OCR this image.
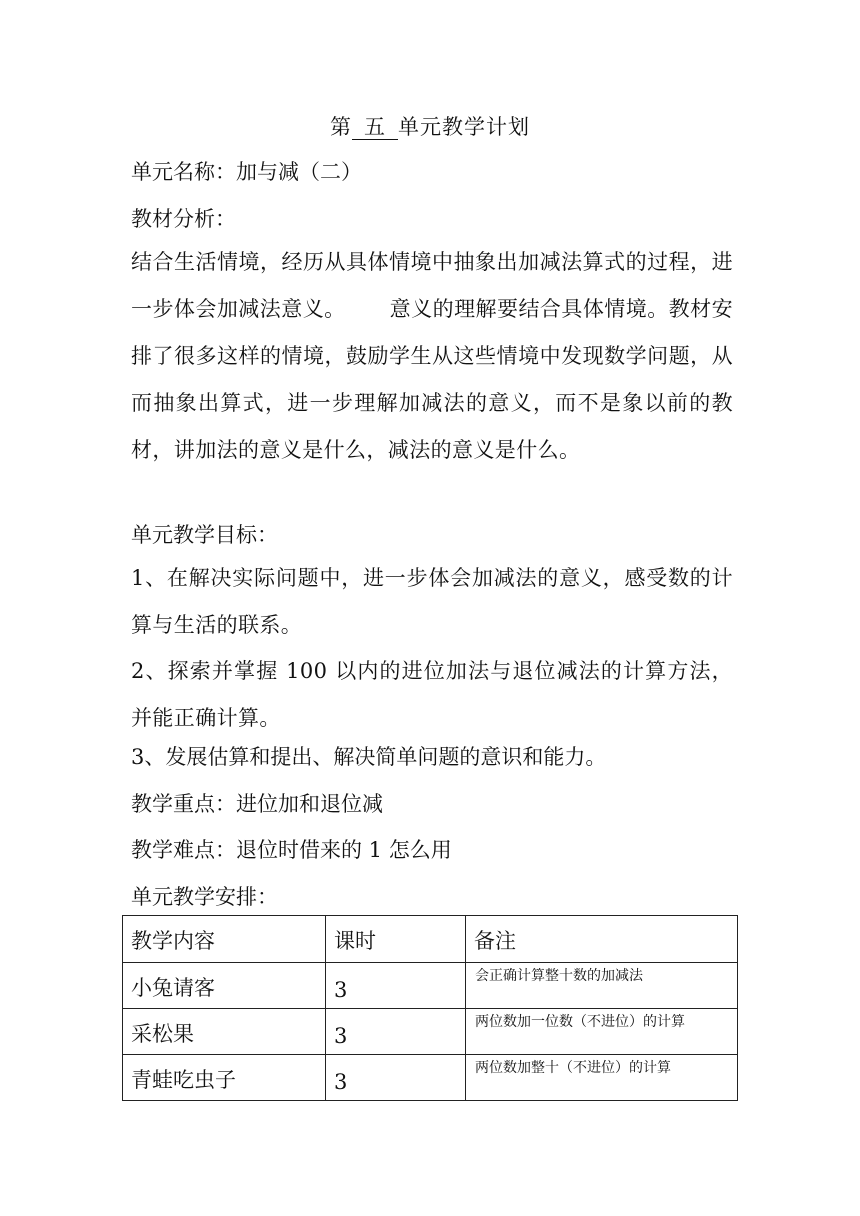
第 五 单元教学计划
单元名称：加与减（二）
教材分析：
结合生活情境，经历从具体情境中抽象出加减法算式的过程，进一步体会加减法意义。 意义的理解要结合具体情境。教材安排了很多这样的情境，鼓励学生从这些情境中发现数学问题，从而抽象出算式，进一步理解加减法的意义，而不是象以前的教材，讲加法的意义是什么，减法的意义是什么。
单元教学目标：
1、在解决实际问题中，进一步体会加减法的意义，感受数的计算与生活的联系。
2、探索并掌握 100 以内的进位加法与退位减法的计算方法，并能正确计算。
3、发展估算和提出、解决简单问题的意识和能力。
教学重点：进位加和退位减
教学难点：退位时借来的 1 怎么用
单元教学安排：
教学内容	课时	备注

小兔请客	3	会正确计算整十数的加减法

采松果	3	两位数加一位数（不进位）的计算

青蛙吃虫子	3	两位数加整十（不进位）的计算
